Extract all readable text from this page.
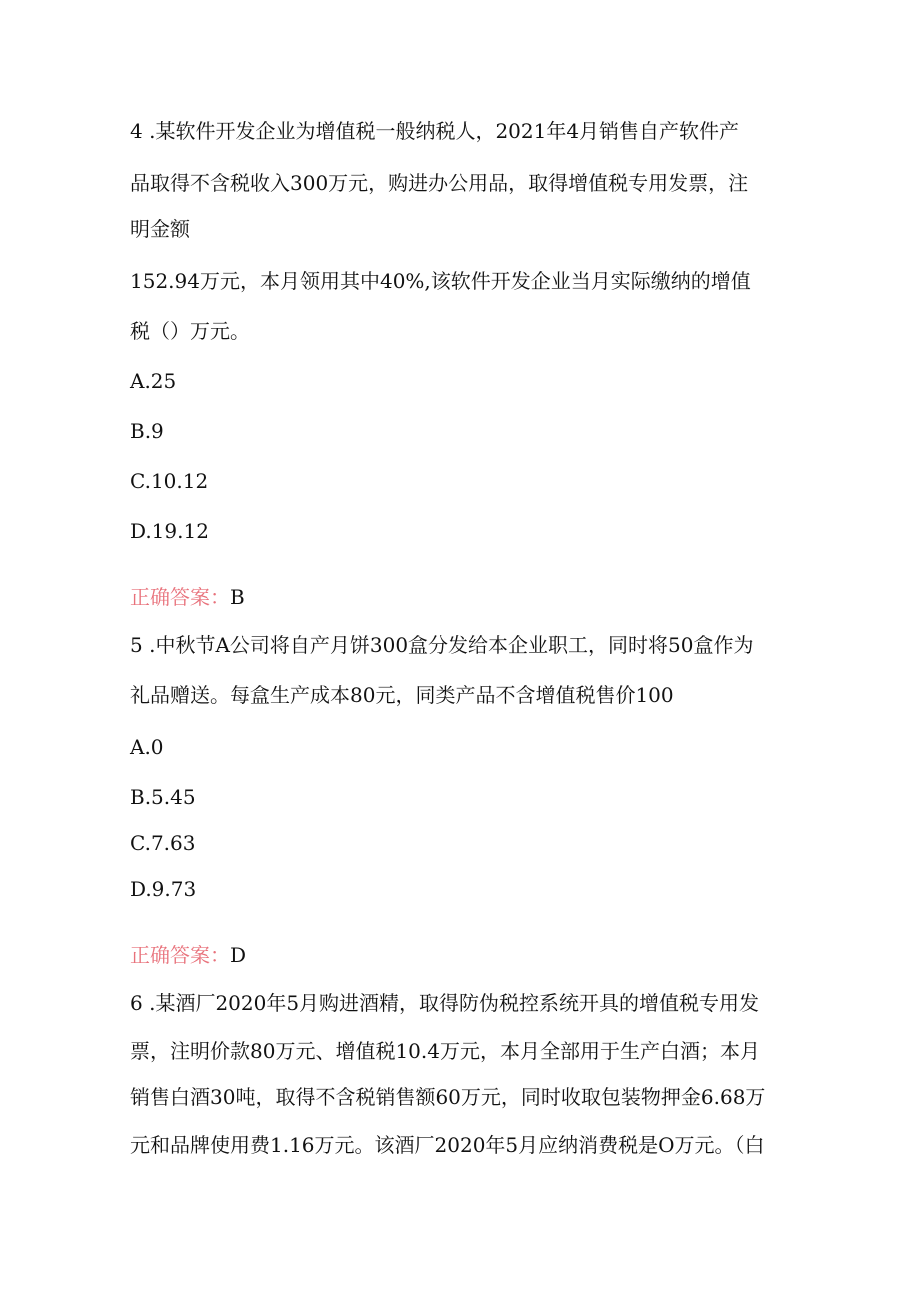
4 .某软件开发企业为增值税一般纳税人，2021年4月销售自产软件产

品取得不含税收入300万元，购进办公用品，取得增值税专用发票，注

明金额

152.94万元，本月领用其中40%,该软件开发企业当月实际缴纳的增值

税（）万元。

A.25

B.9

C.10.12

D.19.12

正确答案：B

5 .中秋节A公司将自产月饼300盒分发给本企业职工，同时将50盒作为

礼品赠送。每盒生产成本80元，同类产品不含增值税售价100

A.0

B.5.45

C.7.63

D.9.73

正确答案：D

6 .某酒厂2020年5月购进酒精，取得防伪税控系统开具的增值税专用发

票，注明价款80万元、增值税10.4万元，本月全部用于生产白酒；本月

销售白酒30吨，取得不含税销售额60万元，同时收取包装物押金6.68万

元和品牌使用费1.16万元。该酒厂2020年5月应纳消费税是O万元。（白
